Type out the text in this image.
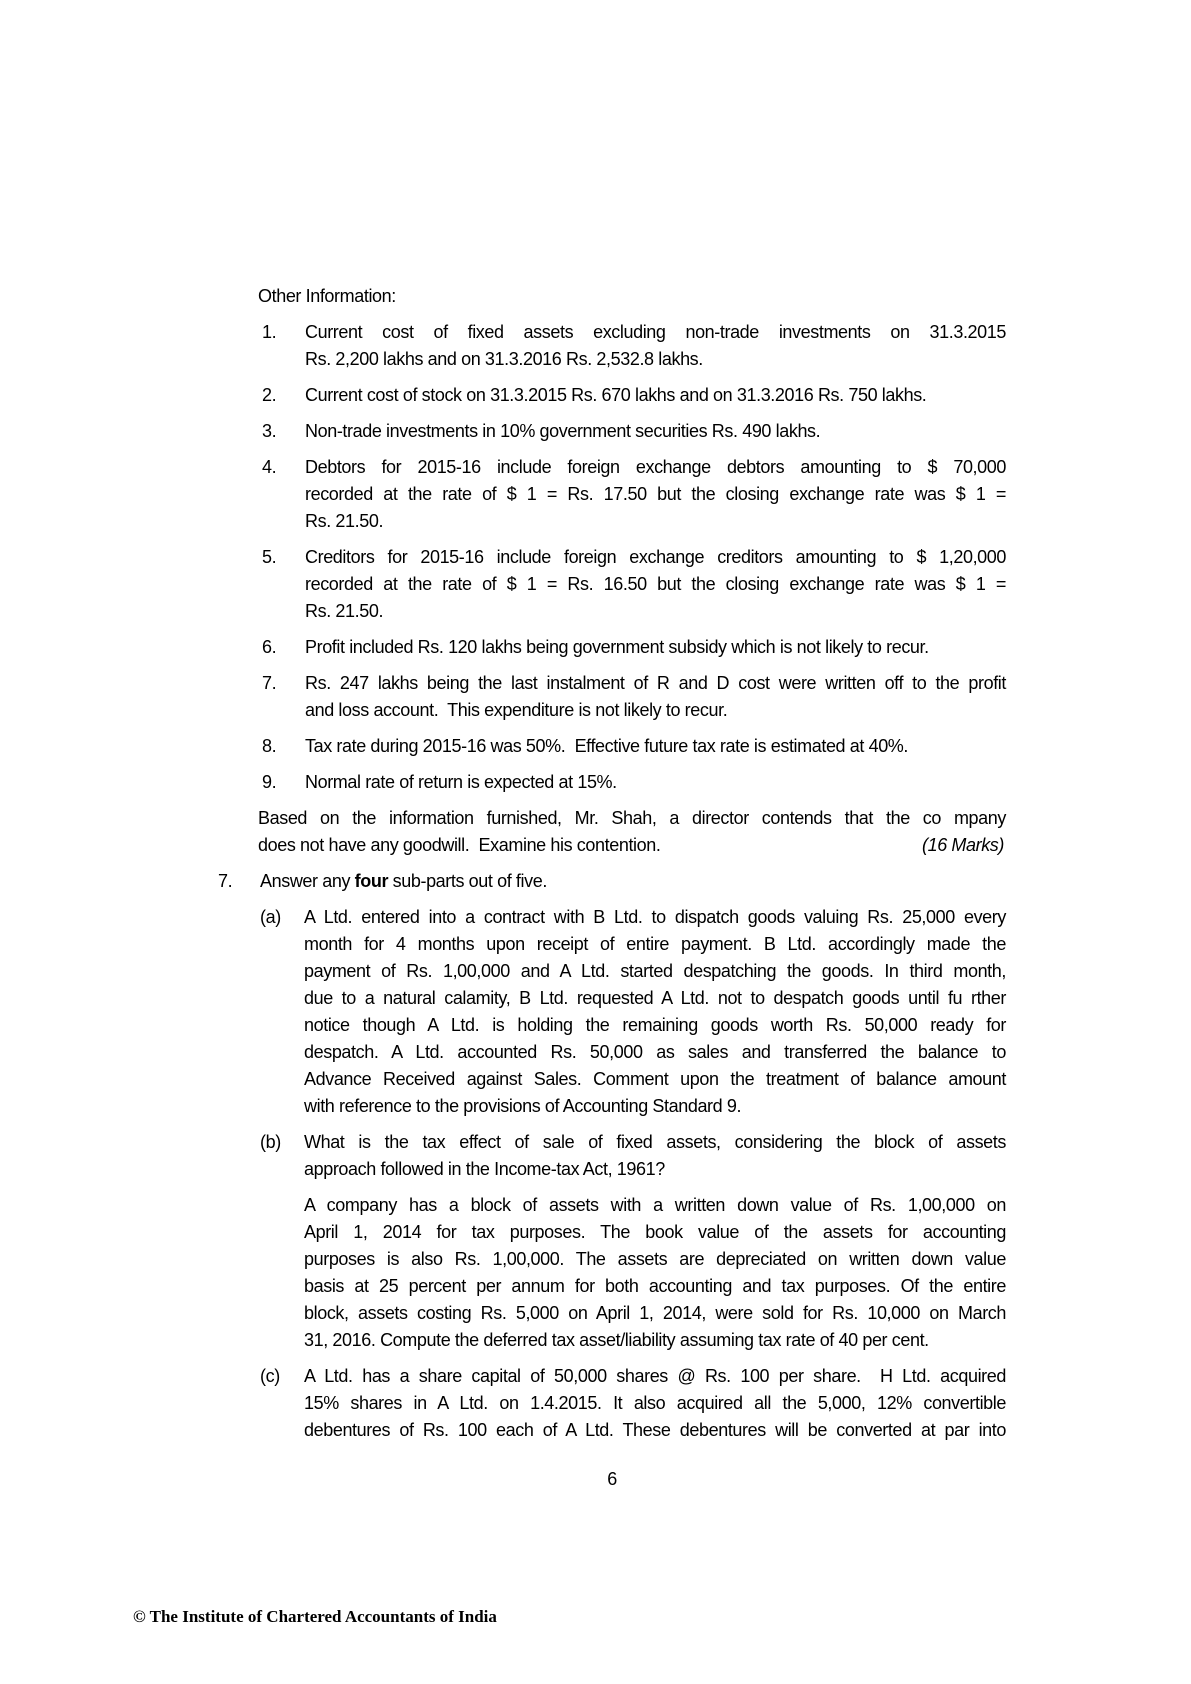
Other Information:
1.	Current cost of fixed assets excluding non-trade investments on 31.3.2015
Rs. 2,200 lakhs and on 31.3.2016 Rs. 2,532.8 lakhs.
2.	Current cost of stock on 31.3.2015 Rs. 670 lakhs and on 31.3.2016 Rs. 750 lakhs.
3.	Non-trade investments in 10% government securities Rs. 490 lakhs.
4.	Debtors for 2015-16 include foreign exchange debtors amounting to $ 70,000
recorded at the rate of $ 1 = Rs. 17.50 but the closing exchange rate was $ 1 =
Rs. 21.50.
5.	Creditors for 2015-16 include foreign exchange creditors amounting to $ 1,20,000
recorded at the rate of $ 1 = Rs. 16.50 but the closing exchange rate was $ 1 =
Rs. 21.50.
6.	Profit included Rs. 120 lakhs being government subsidy which is not likely to recur.
7.	Rs. 247 lakhs being the last instalment of R and D cost were written off to the profit
and loss account.  This expenditure is not likely to recur.
8.	Tax rate during 2015-16 was 50%.  Effective future tax rate is estimated at 40%.
9.	Normal rate of return is expected at 15%.
Based on the information furnished, Mr. Shah, a director contends that the co mpany
does not have any goodwill.  Examine his contention.	(16 Marks)
7.	Answer any four sub-parts out of five.
(a)	A Ltd. entered into a contract with B Ltd. to dispatch goods valuing Rs. 25,000 every
month for 4 months upon receipt of entire payment. B Ltd. accordingly made the
payment of Rs. 1,00,000 and A Ltd. started despatching the goods. In third month,
due to a natural calamity, B Ltd. requested A Ltd. not to despatch goods until fu rther
notice though A Ltd. is holding the remaining goods worth Rs. 50,000 ready for
despatch. A Ltd. accounted Rs. 50,000 as sales and transferred the balance to
Advance Received against Sales. Comment upon the treatment of balance amount
with reference to the provisions of Accounting Standard 9.
(b)	What is the tax effect of sale of fixed assets, considering the block of assets
approach followed in the Income-tax Act, 1961?
A company has a block of assets with a written down value of Rs. 1,00,000 on
April 1, 2014 for tax purposes. The book value of the assets for accounting
purposes is also Rs. 1,00,000. The assets are depreciated on written down value
basis at 25 percent per annum for both accounting and tax purposes. Of the entire
block, assets costing Rs. 5,000 on April 1, 2014, were sold for Rs. 10,000 on March
31, 2016. Compute the deferred tax asset/liability assuming tax rate of 40 per cent.
(c)	A Ltd. has a share capital of 50,000 shares @ Rs. 100 per share.  H Ltd. acquired
15% shares in A Ltd. on 1.4.2015. It also acquired all the 5,000, 12% convertible
debentures of Rs. 100 each of A Ltd. These debentures will be converted at par into
6
© The Institute of Chartered Accountants of India
